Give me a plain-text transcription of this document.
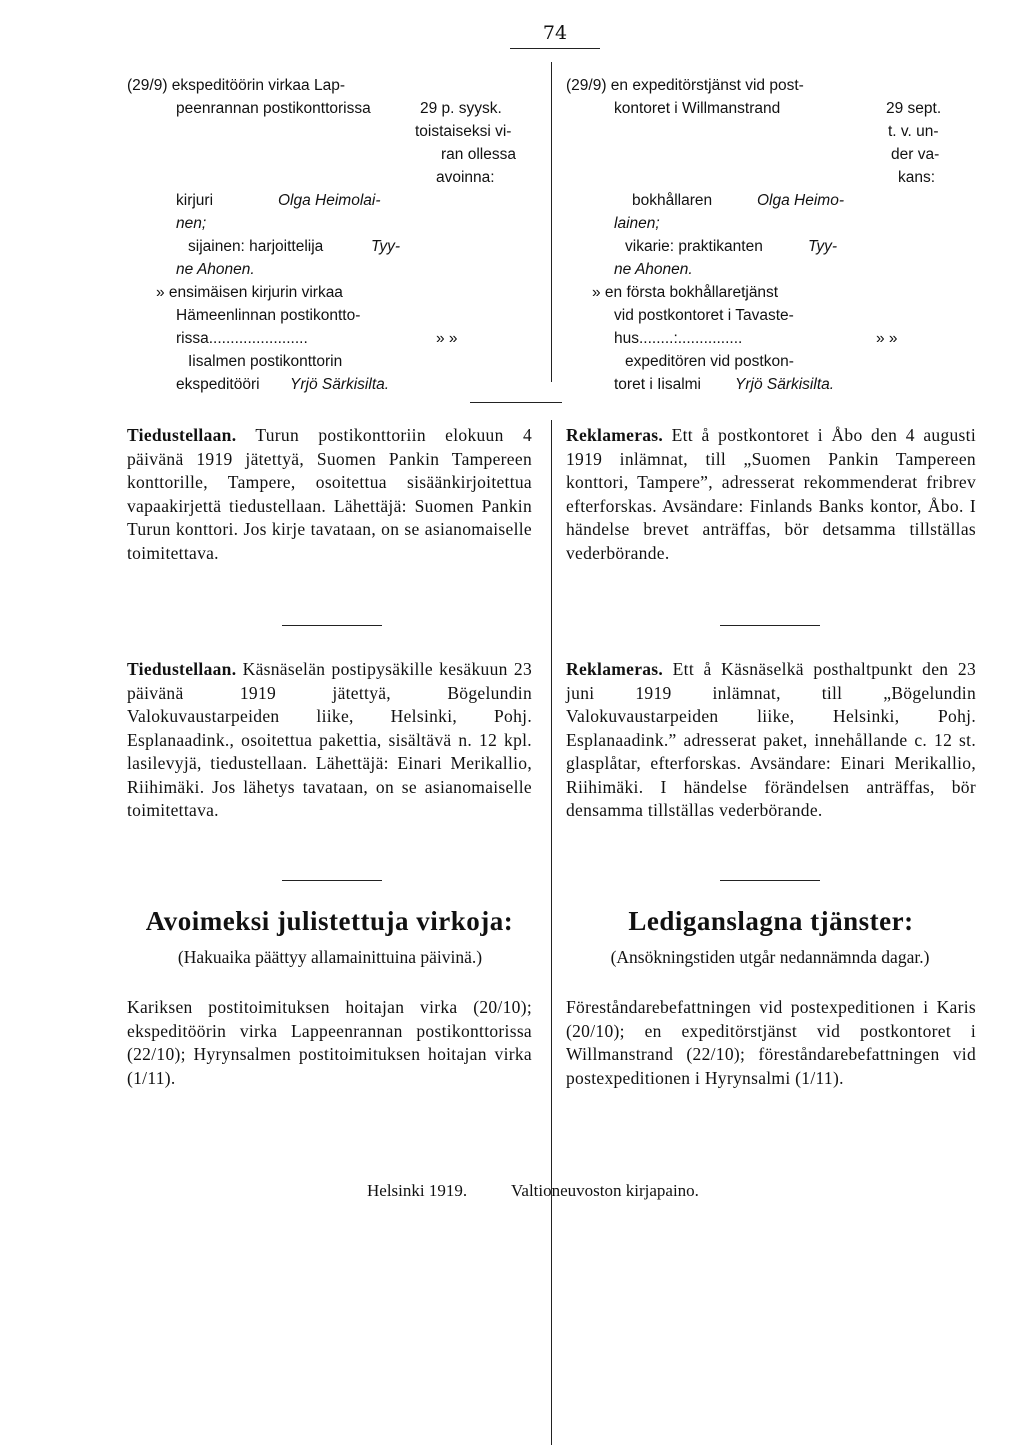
74
(29/9) ekspeditöörin virkaa Lap-
peenrannan postikonttorissa	29 p. syysk.
toistaiseksi vi-
ran ollessa
avoinna:
kirjuri	Olga Heimolai-
nen;
sijainen: harjoittelija	Tyy-
ne Ahonen.
» ensimäisen kirjurin virkaa
Hämeenlinnan postikontto-
rissa.......................	» »
Iisalmen postikonttorin
ekspeditööri Yrjö Särkisilta.
(29/9) en expeditörstjänst vid post-
kontoret i Willmanstrand	29 sept.
t. v. un-
der va-
kans:
bokhållaren	Olga Heimo-
lainen;
vikarie: praktikanten	Tyy-
ne Ahonen.
» en första bokhållaretjänst
vid postkontoret i Tavaste-
hus........:...............	» »
expeditören vid postkon-
toret i Iisalmi Yrjö Särkisilta.
Tiedustellaan. Turun postikonttoriin elokuun 4 päivänä 1919 jätettyä, Suomen Pankin Tampereen konttorille, Tampere, osoitettua sisäänkirjoitettua vapaakirjettä tiedustellaan. Lähettäjä: Suomen Pankin Turun konttori. Jos kirje tavataan, on se asianomaiselle toimitettava.
Reklameras. Ett å postkontoret i Åbo den 4 augusti 1919 inlämnat, till „Suomen Pankin Tampereen konttori, Tampere”, adresserat rekommenderat fribrev efterforskas. Avsändare: Finlands Banks kontor, Åbo. I händelse brevet anträffas, bör detsamma tillställas vederbörande.
Tiedustellaan. Käsnäselän postipysäkille kesäkuun 23 päivänä 1919 jätettyä, Bögelundin Valokuvaustarpeiden liike, Helsinki, Pohj. Esplanaadink., osoitettua pakettia, sisältävä n. 12 kpl. lasilevyjä, tiedustellaan. Lähettäjä: Einari Merikallio, Riihimäki. Jos lähetys tavataan, on se asianomaiselle toimitettava.
Reklameras. Ett å Käsnäselkä posthaltpunkt den 23 juni 1919 inlämnat, till „Bögelundin Valokuvaustarpeiden liike, Helsinki, Pohj. Esplanaadink.” adresserat paket, innehållande c. 12 st. glasplåtar, efterforskas. Avsändare: Einari Merikallio, Riihimäki. I händelse förändelsen anträffas, bör densamma tillställas vederbörande.
Avoimeksi julistettuja virkoja:
(Hakuaika päättyy allamainittuina päivinä.)
Kariksen postitoimituksen hoitajan virka (20/10); ekspeditöörin virka Lappeenrannan postikonttorissa (22/10); Hyrynsalmen postitoimituksen hoitajan virka (1/11).
Lediganslagna tjänster:
(Ansökningstiden utgår nedannämnda dagar.)
Föreståndarebefattningen vid postexpeditionen i Karis (20/10); en expeditörstjänst vid postkontoret i Willmanstrand (22/10); föreståndarebefattningen vid postexpeditionen i Hyrynsalmi (1/11).
Helsinki 1919.	Valtioneuvoston kirjapaino.
